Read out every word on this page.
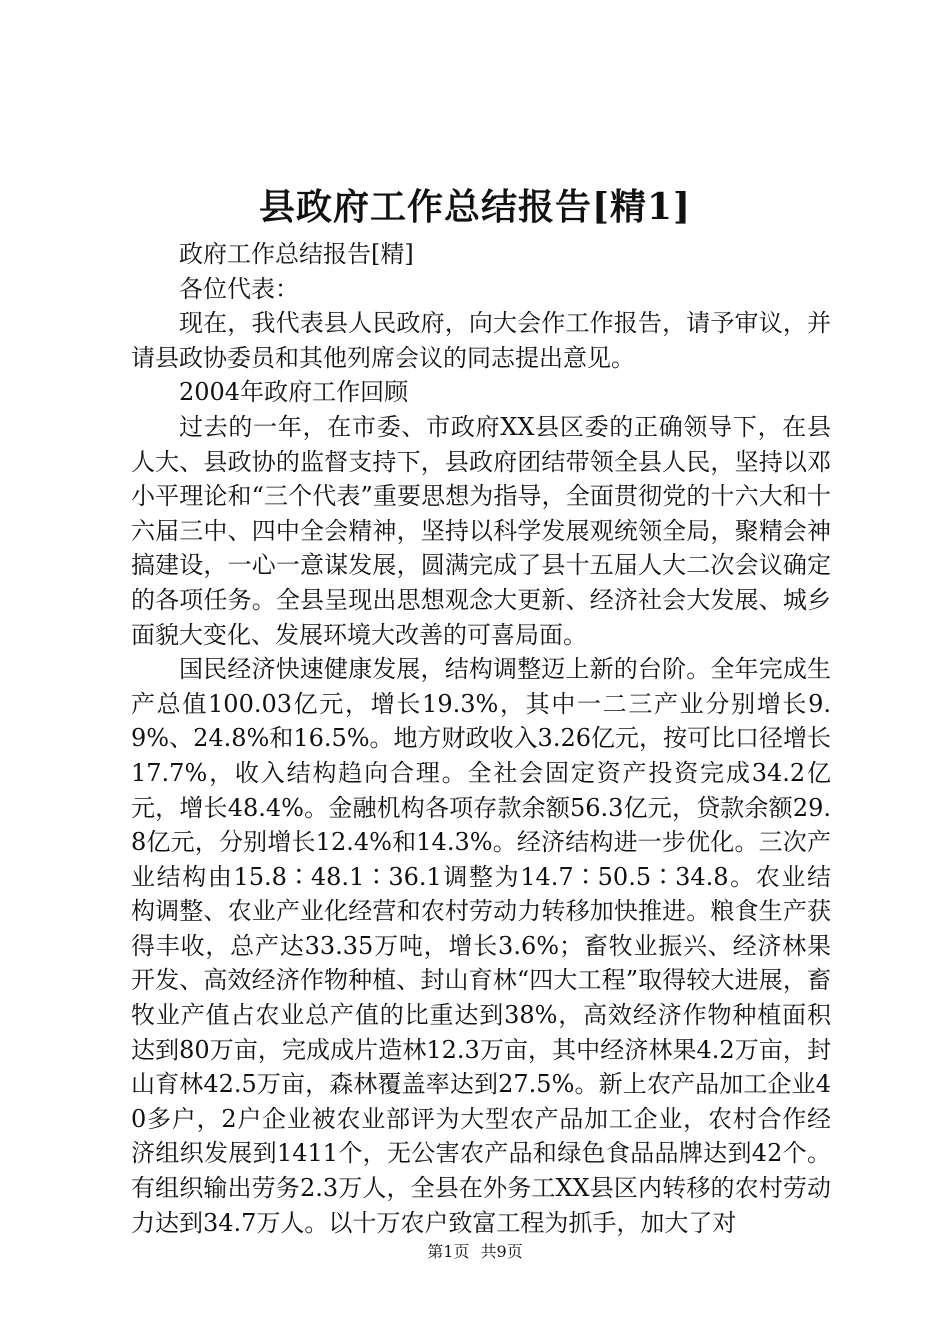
县政府工作总结报告[精1]

政府工作总结报告[精]

各位代表：

现在，我代表县人民政府，向大会作工作报告，请予审议，并请县政协委员和其他列席会议的同志提出意见。

2004年政府工作回顾

过去的一年，在市委、市政府XX县区委的正确领导下，在县人大、县政协的监督支持下，县政府团结带领全县人民，坚持以邓小平理论和“三个代表”重要思想为指导，全面贯彻党的十六大和十六届三中、四中全会精神，坚持以科学发展观统领全局，聚精会神搞建设，一心一意谋发展，圆满完成了县十五届人大二次会议确定的各项任务。全县呈现出思想观念大更新、经济社会大发展、城乡面貌大变化、发展环境大改善的可喜局面。

国民经济快速健康发展，结构调整迈上新的台阶。全年完成生产总值100.03亿元，增长19.3%，其中一二三产业分别增长9.9%、24.8%和16.5%。地方财政收入3.26亿元，按可比口径增长17.7%，收入结构趋向合理。全社会固定资产投资完成34.2亿元，增长48.4%。金融机构各项存款余额56.3亿元，贷款余额29.8亿元，分别增长12.4%和14.3%。经济结构进一步优化。三次产业结构由15.8∶48.1∶36.1调整为14.7∶50.5∶34.8。农业结构调整、农业产业化经营和农村劳动力转移加快推进。粮食生产获得丰收，总产达33.35万吨，增长3.6%；畜牧业振兴、经济林果开发、高效经济作物种植、封山育林“四大工程”取得较大进展，畜牧业产值占农业总产值的比重达到38%，高效经济作物种植面积达到80万亩，完成成片造林12.3万亩，其中经济林果4.2万亩，封山育林42.5万亩，森林覆盖率达到27.5%。新上农产品加工企业40多户，2户企业被农业部评为大型农产品加工企业，农村合作经济组织发展到1411个，无公害农产品和绿色食品品牌达到42个。有组织输出劳务2.3万人，全县在外务工XX县区内转移的农村劳动力达到34.7万人。以十万农户致富工程为抓手，加大了对

第1页 共9页
